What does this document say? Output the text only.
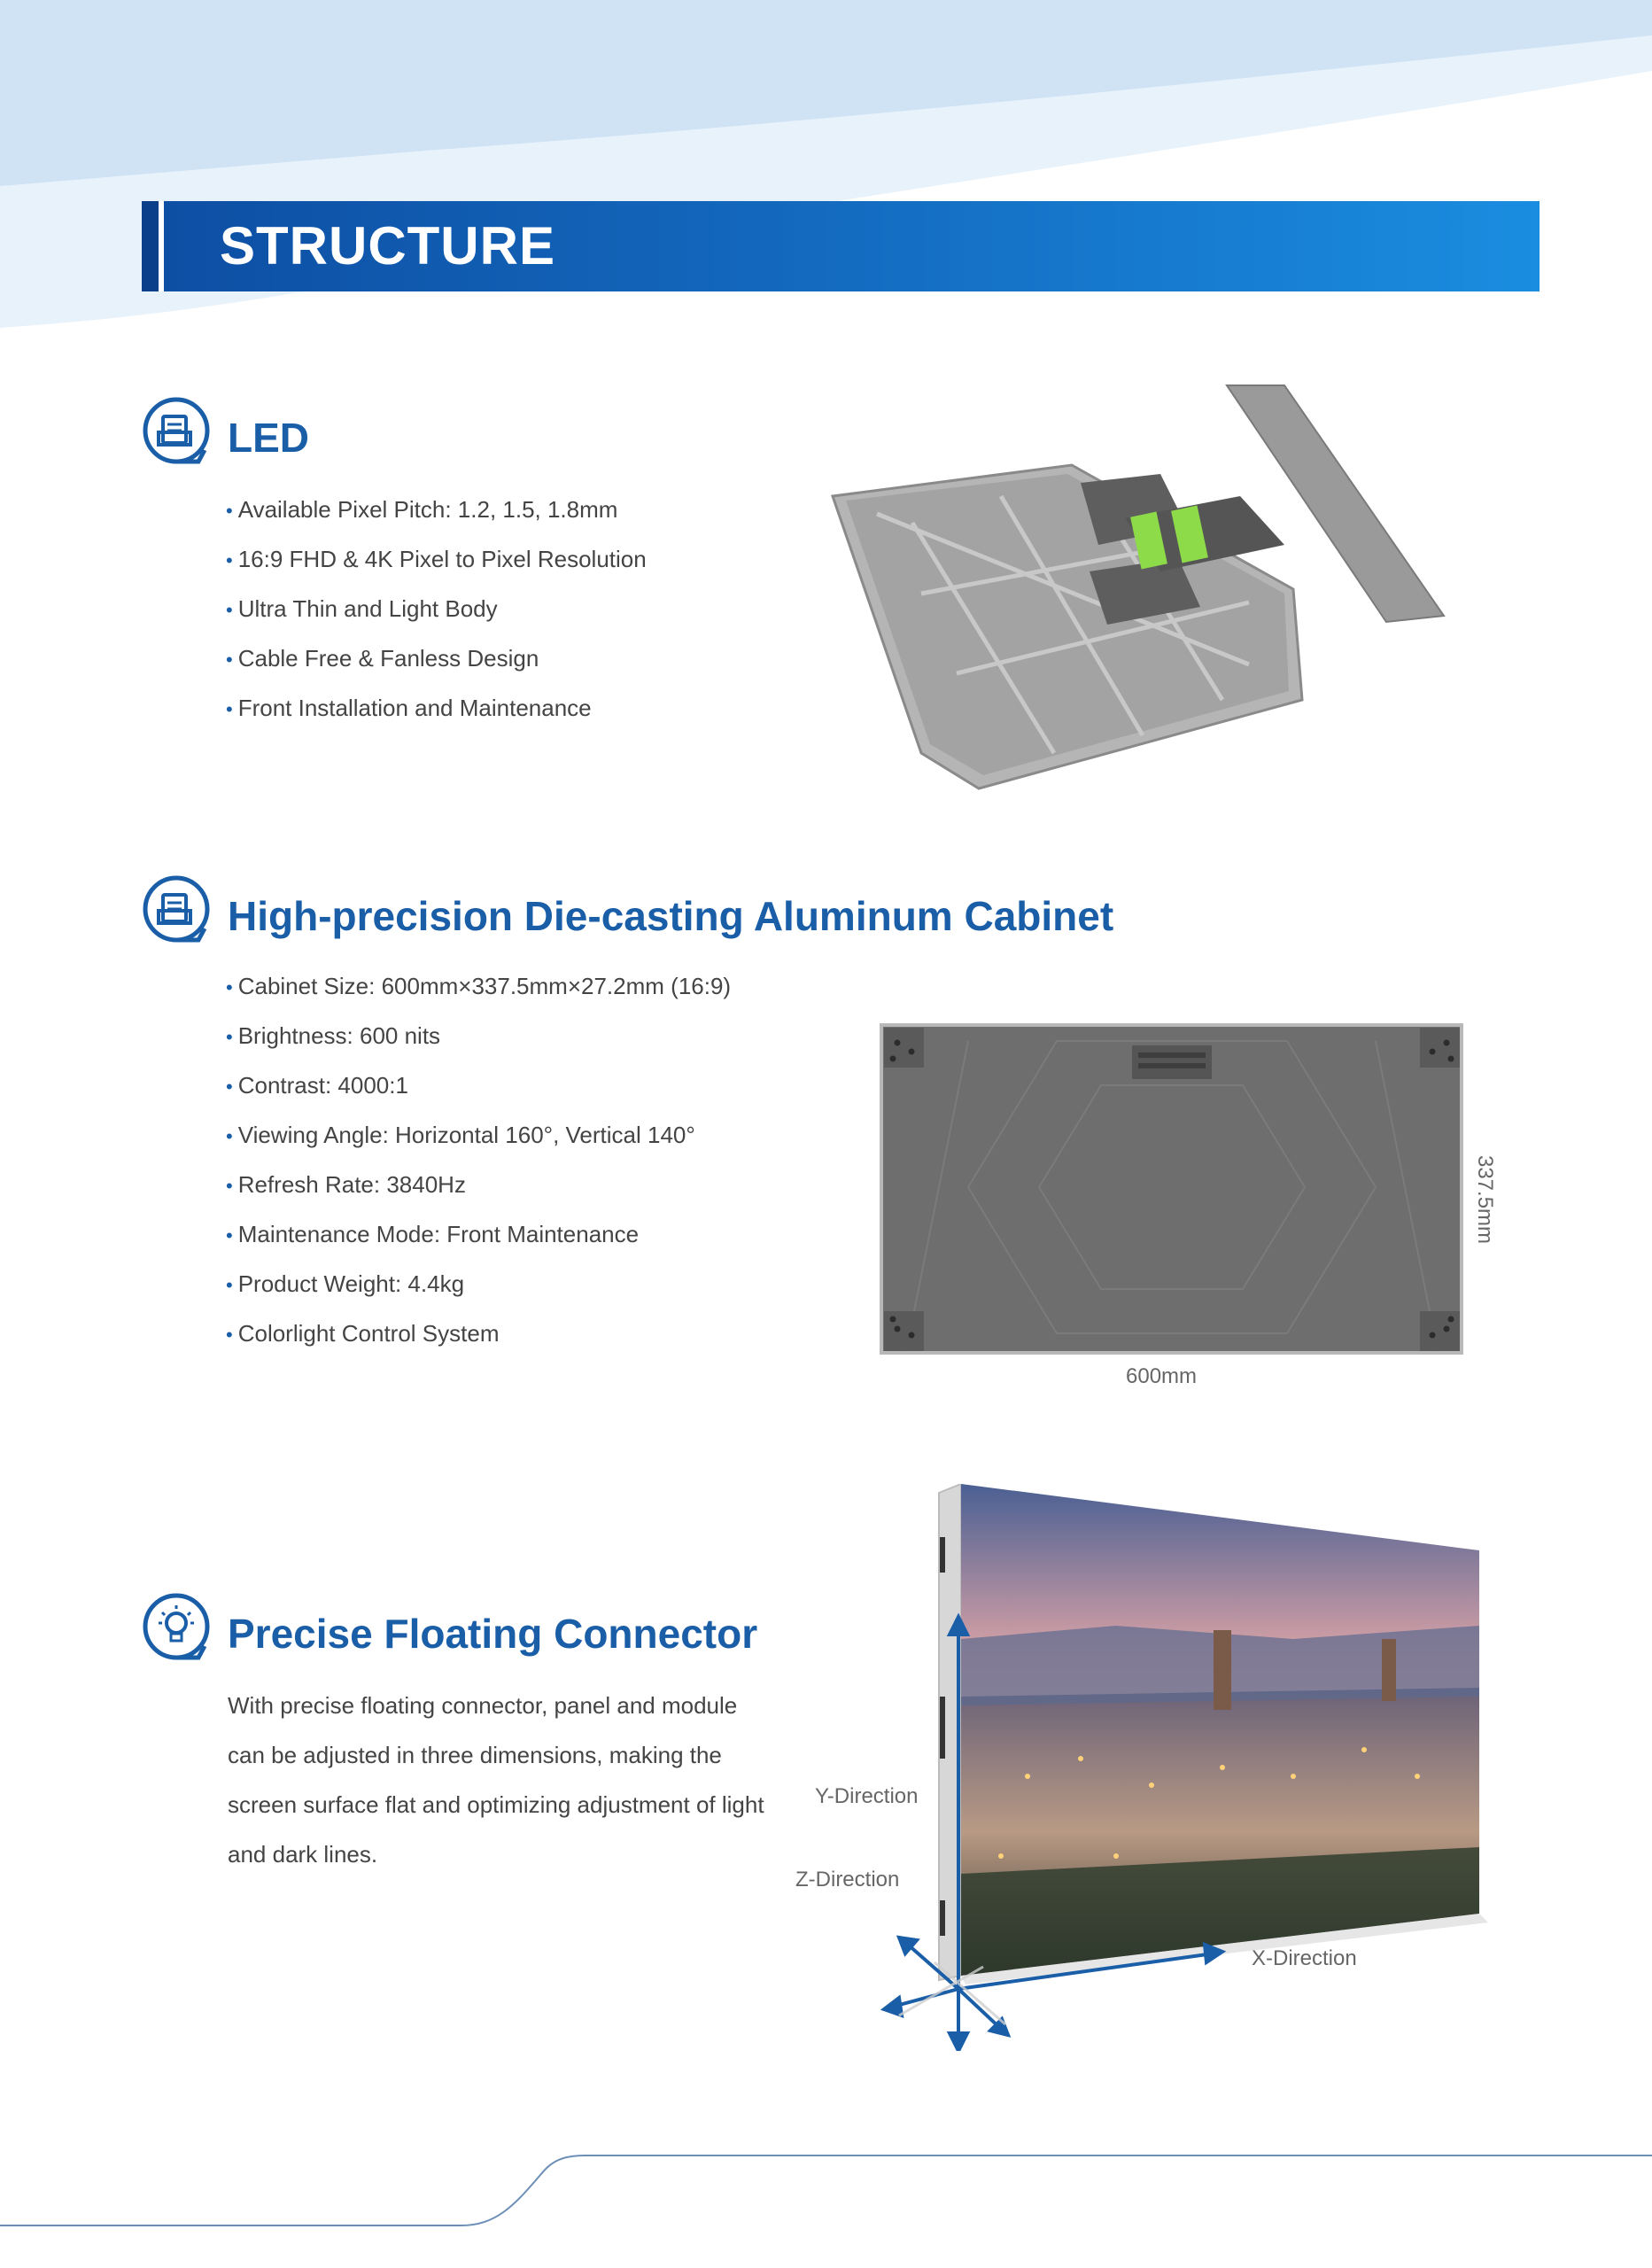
STRUCTURE
LED
• Available Pixel Pitch: 1.2, 1.5, 1.8mm
• 16:9 FHD & 4K Pixel to Pixel Resolution
• Ultra Thin and Light Body
• Cable Free & Fanless Design
• Front Installation and Maintenance
High-precision Die-casting Aluminum Cabinet
• Cabinet Size: 600mm×337.5mm×27.2mm (16:9)
• Brightness: 600 nits
• Contrast: 4000:1
• Viewing Angle: Horizontal 160°, Vertical 140°
• Refresh Rate: 3840Hz
• Maintenance Mode: Front Maintenance
• Product Weight: 4.4kg
• Colorlight Control System
600mm
337.5mm
Precise Floating Connector
With precise floating connector, panel and module can be adjusted in three dimensions, making the screen surface flat and optimizing adjustment of light and dark lines.
Y-Direction
Z-Direction
X-Direction
